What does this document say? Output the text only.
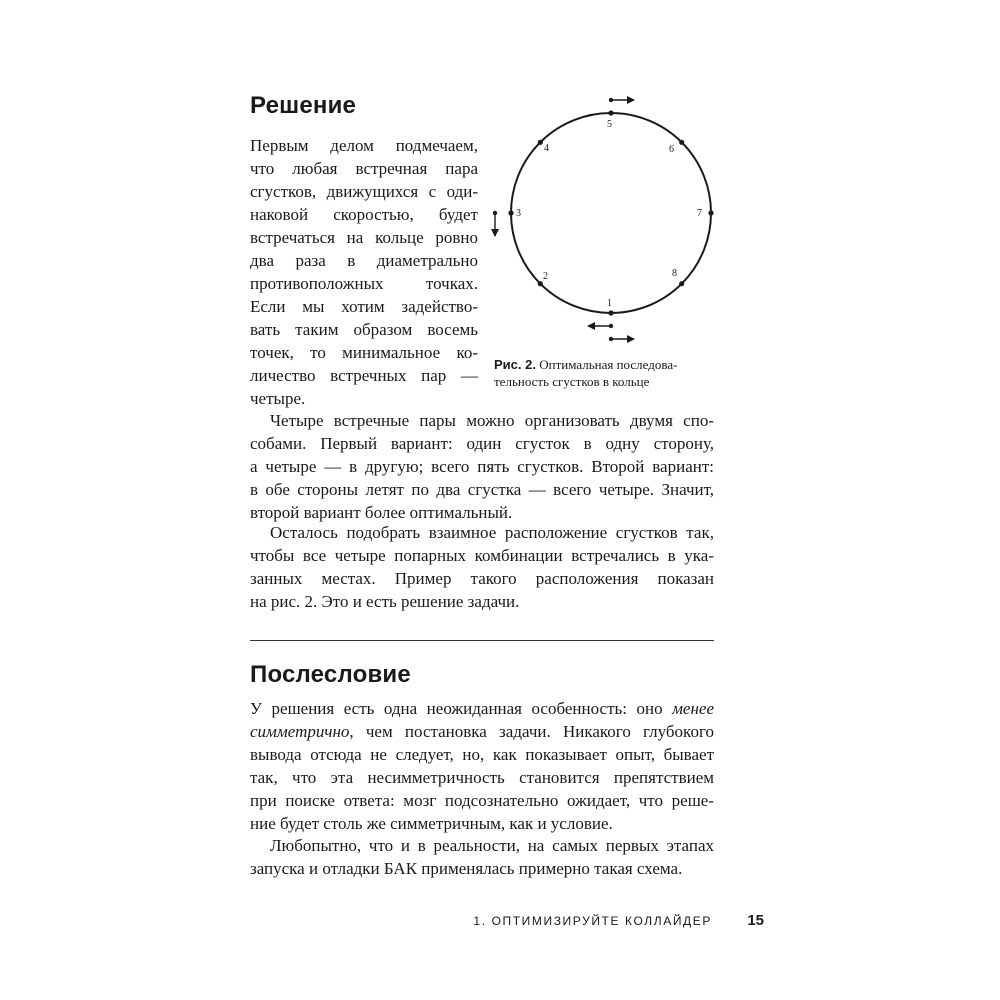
Решение
Первым делом подмечаем,
что любая встречная пара
сгустков, движущихся с оди-
наковой скоростью, будет
встречаться на кольце ровно
два раза в диаметрально
противоположных точках.
Если мы хотим задейство-
вать таким образом восемь
точек, то минимальное ко-
личество встречных пар —
четыре.
1
2
3
4
5
6
7
8
Рис. 2. Оптимальная последова-тельность сгустков в кольце
Четыре встречные пары можно организовать двумя спо-
собами. Первый вариант: один сгусток в одну сторону,
а четыре — в другую; всего пять сгустков. Второй вариант:
в обе стороны летят по два сгустка — всего четыре. Значит,
второй вариант более оптимальный.
Осталось подобрать взаимное расположение сгустков так,
чтобы все четыре попарных комбинации встречались в ука-
занных местах. Пример такого расположения показан
на рис. 2. Это и есть решение задачи.
Послесловие
У решения есть одна неожиданная особенность: оно менее
симметрично, чем постановка задачи. Никакого глубокого
вывода отсюда не следует, но, как показывает опыт, бывает
так, что эта несимметричность становится препятствием
при поиске ответа: мозг подсознательно ожидает, что реше-
ние будет столь же симметричным, как и условие.
Любопытно, что и в реальности, на самых первых этапах
запуска и отладки БАК применялась примерно такая схема.
1. ОПТИМИЗИРУЙТЕ КОЛЛАЙДЕР 15
